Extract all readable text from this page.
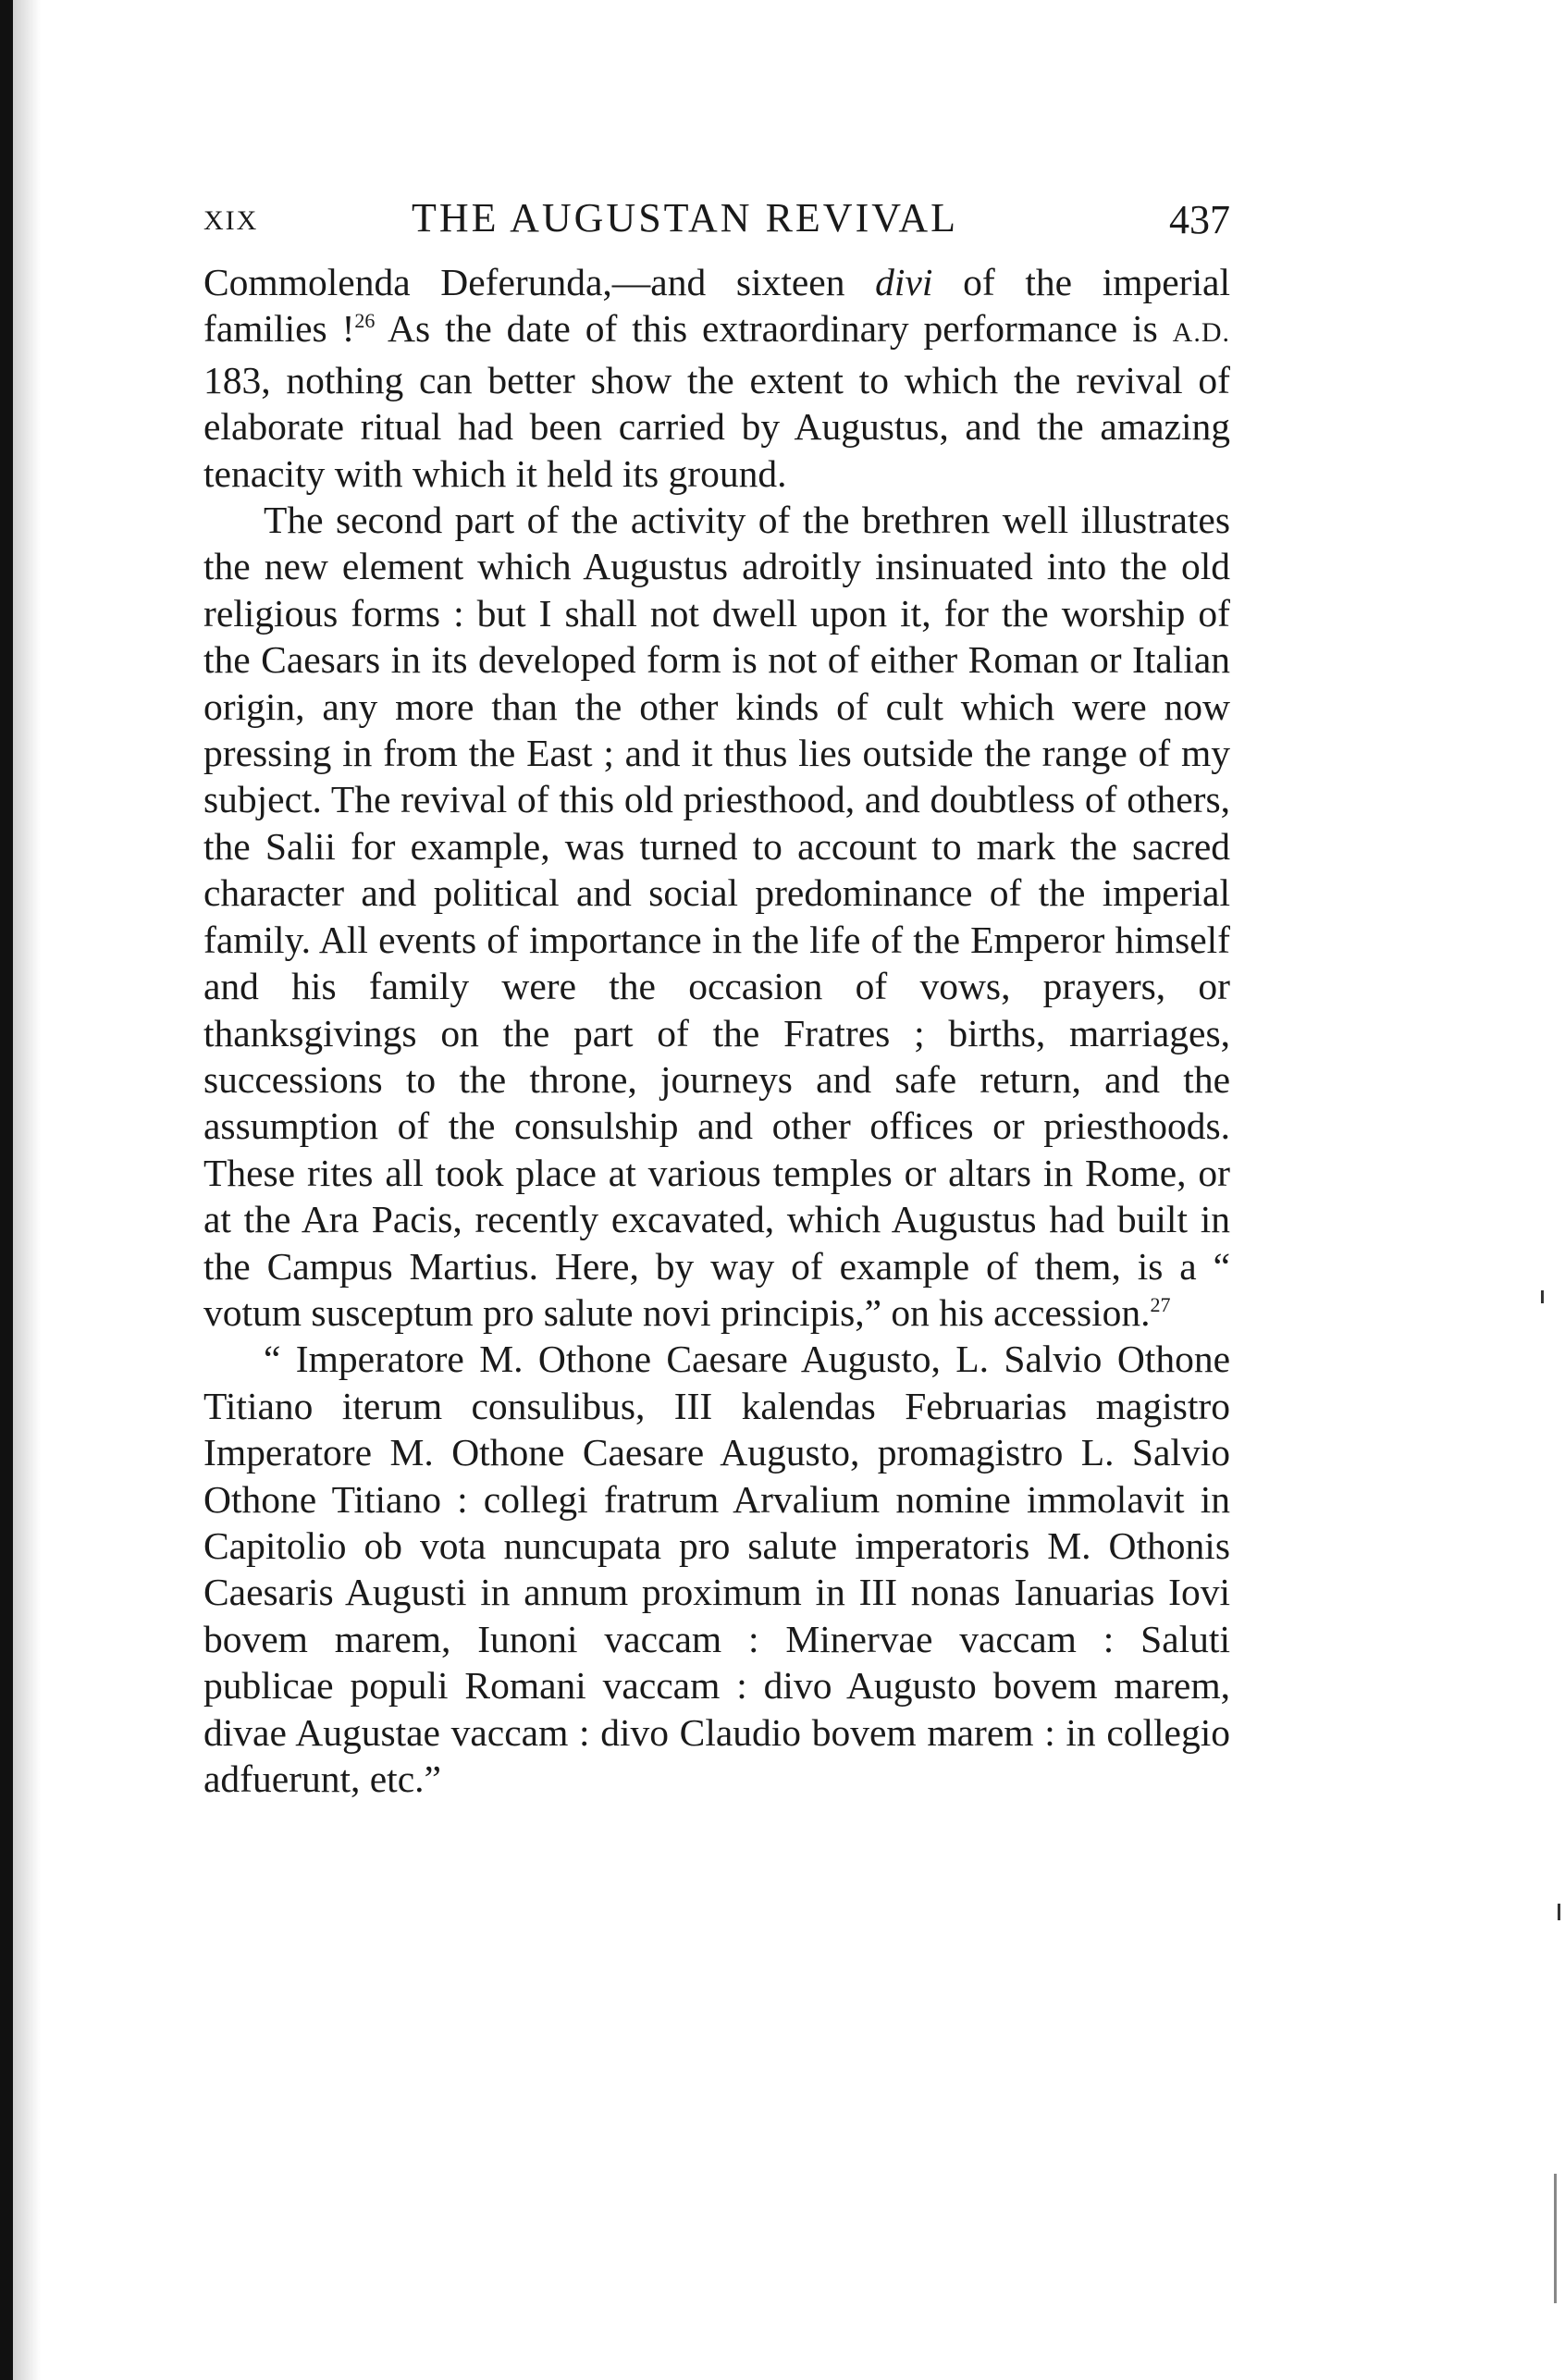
XIX	THE AUGUSTAN REVIVAL	437

Commolenda Deferunda,—and sixteen divi of the imperial families !$^{26}$ As the date of this extraordinary performance is A.D. 183, nothing can better show the extent to which the revival of elaborate ritual had been carried by Augustus, and the amazing tenacity with which it held its ground.

The second part of the activity of the brethren well illustrates the new element which Augustus adroitly insinuated into the old religious forms : but I shall not dwell upon it, for the worship of the Caesars in its developed form is not of either Roman or Italian origin, any more than the other kinds of cult which were now pressing in from the East ; and it thus lies outside the range of my subject. The revival of this old priesthood, and doubtless of others, the Salii for example, was turned to account to mark the sacred character and political and social predominance of the imperial family. All events of importance in the life of the Emperor himself and his family were the occasion of vows, prayers, or thanksgivings on the part of the Fratres ; births, marriages, successions to the throne, journeys and safe return, and the assumption of the consulship and other offices or priesthoods. These rites all took place at various temples or altars in Rome, or at the Ara Pacis, recently excavated, which Augustus had built in the Campus Martius. Here, by way of example of them, is a “ votum susceptum pro salute novi principis,” on his accession.$^{27}$

“ Imperatore M. Othone Caesare Augusto, L. Salvio Othone Titiano iterum consulibus, III kalendas Februarias magistro Imperatore M. Othone Caesare Augusto, promagistro L. Salvio Othone Titiano : collegi fratrum Arvalium nomine immolavit in Capitolio ob vota nuncupata pro salute imperatoris M. Othonis Caesaris Augusti in annum proximum in III nonas Ianuarias Iovi bovem marem, Iunoni vaccam : Minervae vaccam : Saluti publicae populi Romani vaccam : divo Augusto bovem marem, divae Augustae vaccam : divo Claudio bovem marem : in collegio adfuerunt, etc.”
